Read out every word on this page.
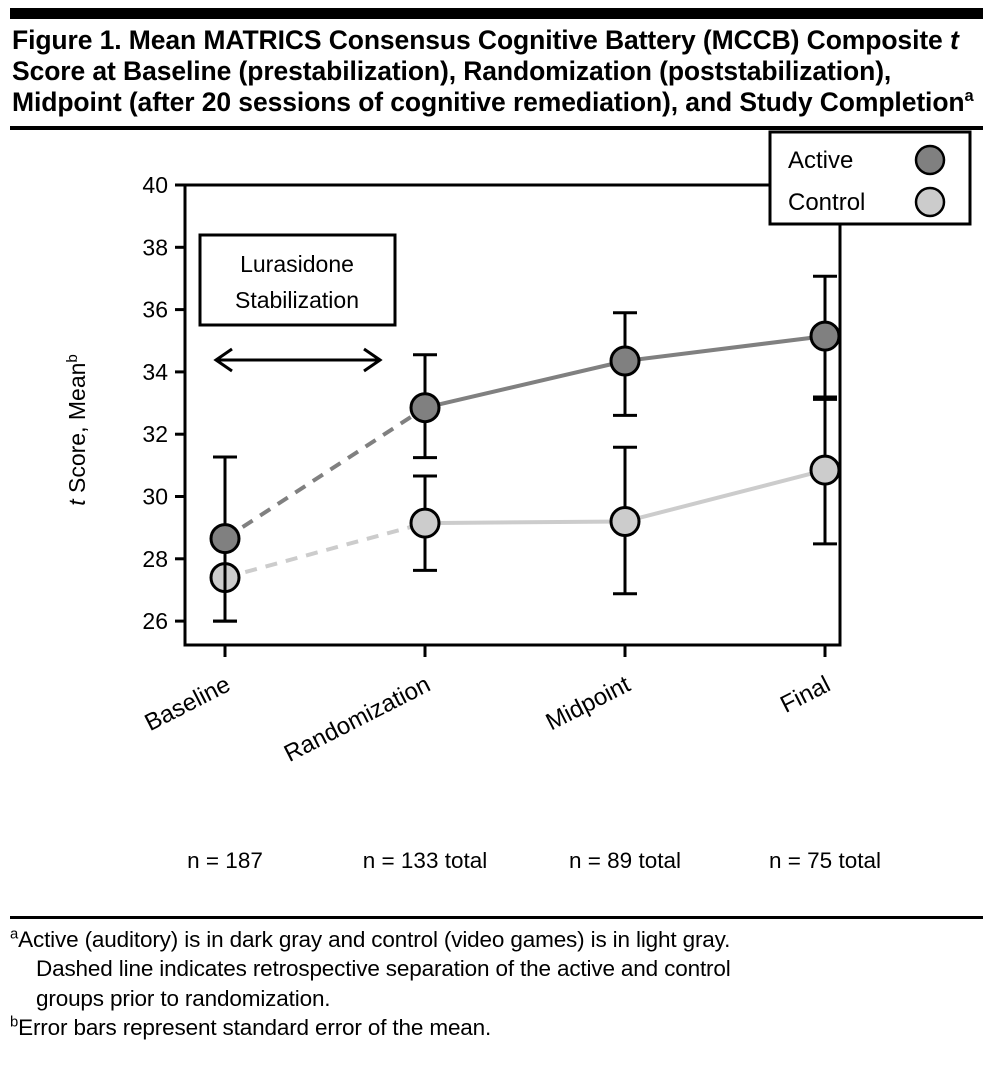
Figure 1. Mean MATRICS Consensus Cognitive Battery (MCCB) Composite t Score at Baseline (prestabilization), Randomization (poststabilization), Midpoint (after 20 sessions of cognitive remediation), and Study Completion$^a$
40
38
36
34
32
30
28
26
t Score, Mean$^b$
Lurasidone
Stabilization
Active
Control
Baseline Randomization	Midpoint	Final
n = 187	n = 133 total	n = 89 total	n = 75 total
$^a$Active (auditory) is in dark gray and control (video games) is in light gray.
Dashed line indicates retrospective separation of the active and control
groups prior to randomization.
$^b$Error bars represent standard error of the mean.
